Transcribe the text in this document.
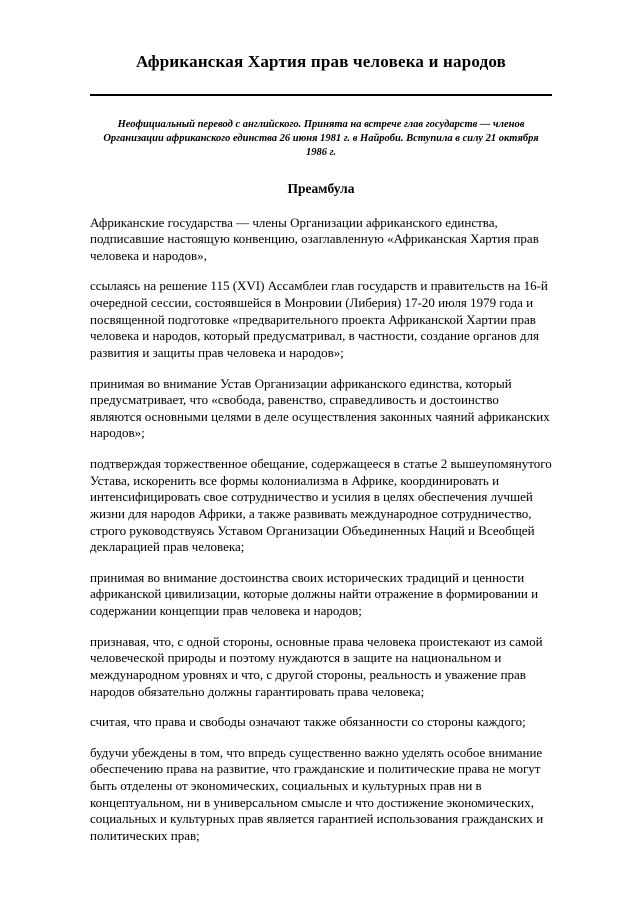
Африканская Хартия прав человека и народов

Неофициальный перевод с английского. Принята на встрече глав государств — членов Организации африканского единства 26 июня 1981 г. в Найроби. Вступила в силу 21 октября 1986 г.

Преамбула

Африканские государства — члены Организации африканского единства, подписавшие настоящую конвенцию, озаглавленную «Африканская Хартия прав человека и народов»,

ссылаясь на решение 115 (XVI) Ассамблеи глав государств и правительств на 16-й очередной сессии, состоявшейся в Монровии (Либерия) 17-20 июля 1979 года и посвященной подготовке «предварительного проекта Африканской Хартии прав человека и народов, который предусматривал, в частности, создание органов для развития и защиты прав человека и народов»;

принимая во внимание Устав Организации африканского единства, который предусматривает, что «свобода, равенство, справедливость и достоинство являются основными целями в деле осуществления законных чаяний африканских народов»;

подтверждая торжественное обещание, содержащееся в статье 2 вышеупомянутого Устава, искоренить все формы колониализма в Африке, координировать и интенсифицировать свое сотрудничество и усилия в целях обеспечения лучшей жизни для народов Африки, а также развивать международное сотрудничество, строго руководствуясь Уставом Организации Объединенных Наций и Всеобщей декларацией прав человека;

принимая во внимание достоинства своих исторических традиций и ценности африканской цивилизации, которые должны найти отражение в формировании и содержании концепции прав человека и народов;

признавая, что, с одной стороны, основные права человека проистекают из самой человеческой природы и поэтому нуждаются в защите на национальном и международном уровнях и что, с другой стороны, реальность и уважение прав народов обязательно должны гарантировать права человека;

считая, что права и свободы означают также обязанности со стороны каждого;

будучи убеждены в том, что впредь существенно важно уделять особое внимание обеспечению права на развитие, что гражданские и политические права не могут быть отделены от экономических, социальных и культурных прав ни в концептуальном, ни в универсальном смысле и что достижение экономических, социальных и культурных прав является гарантией использования гражданских и политических прав;
